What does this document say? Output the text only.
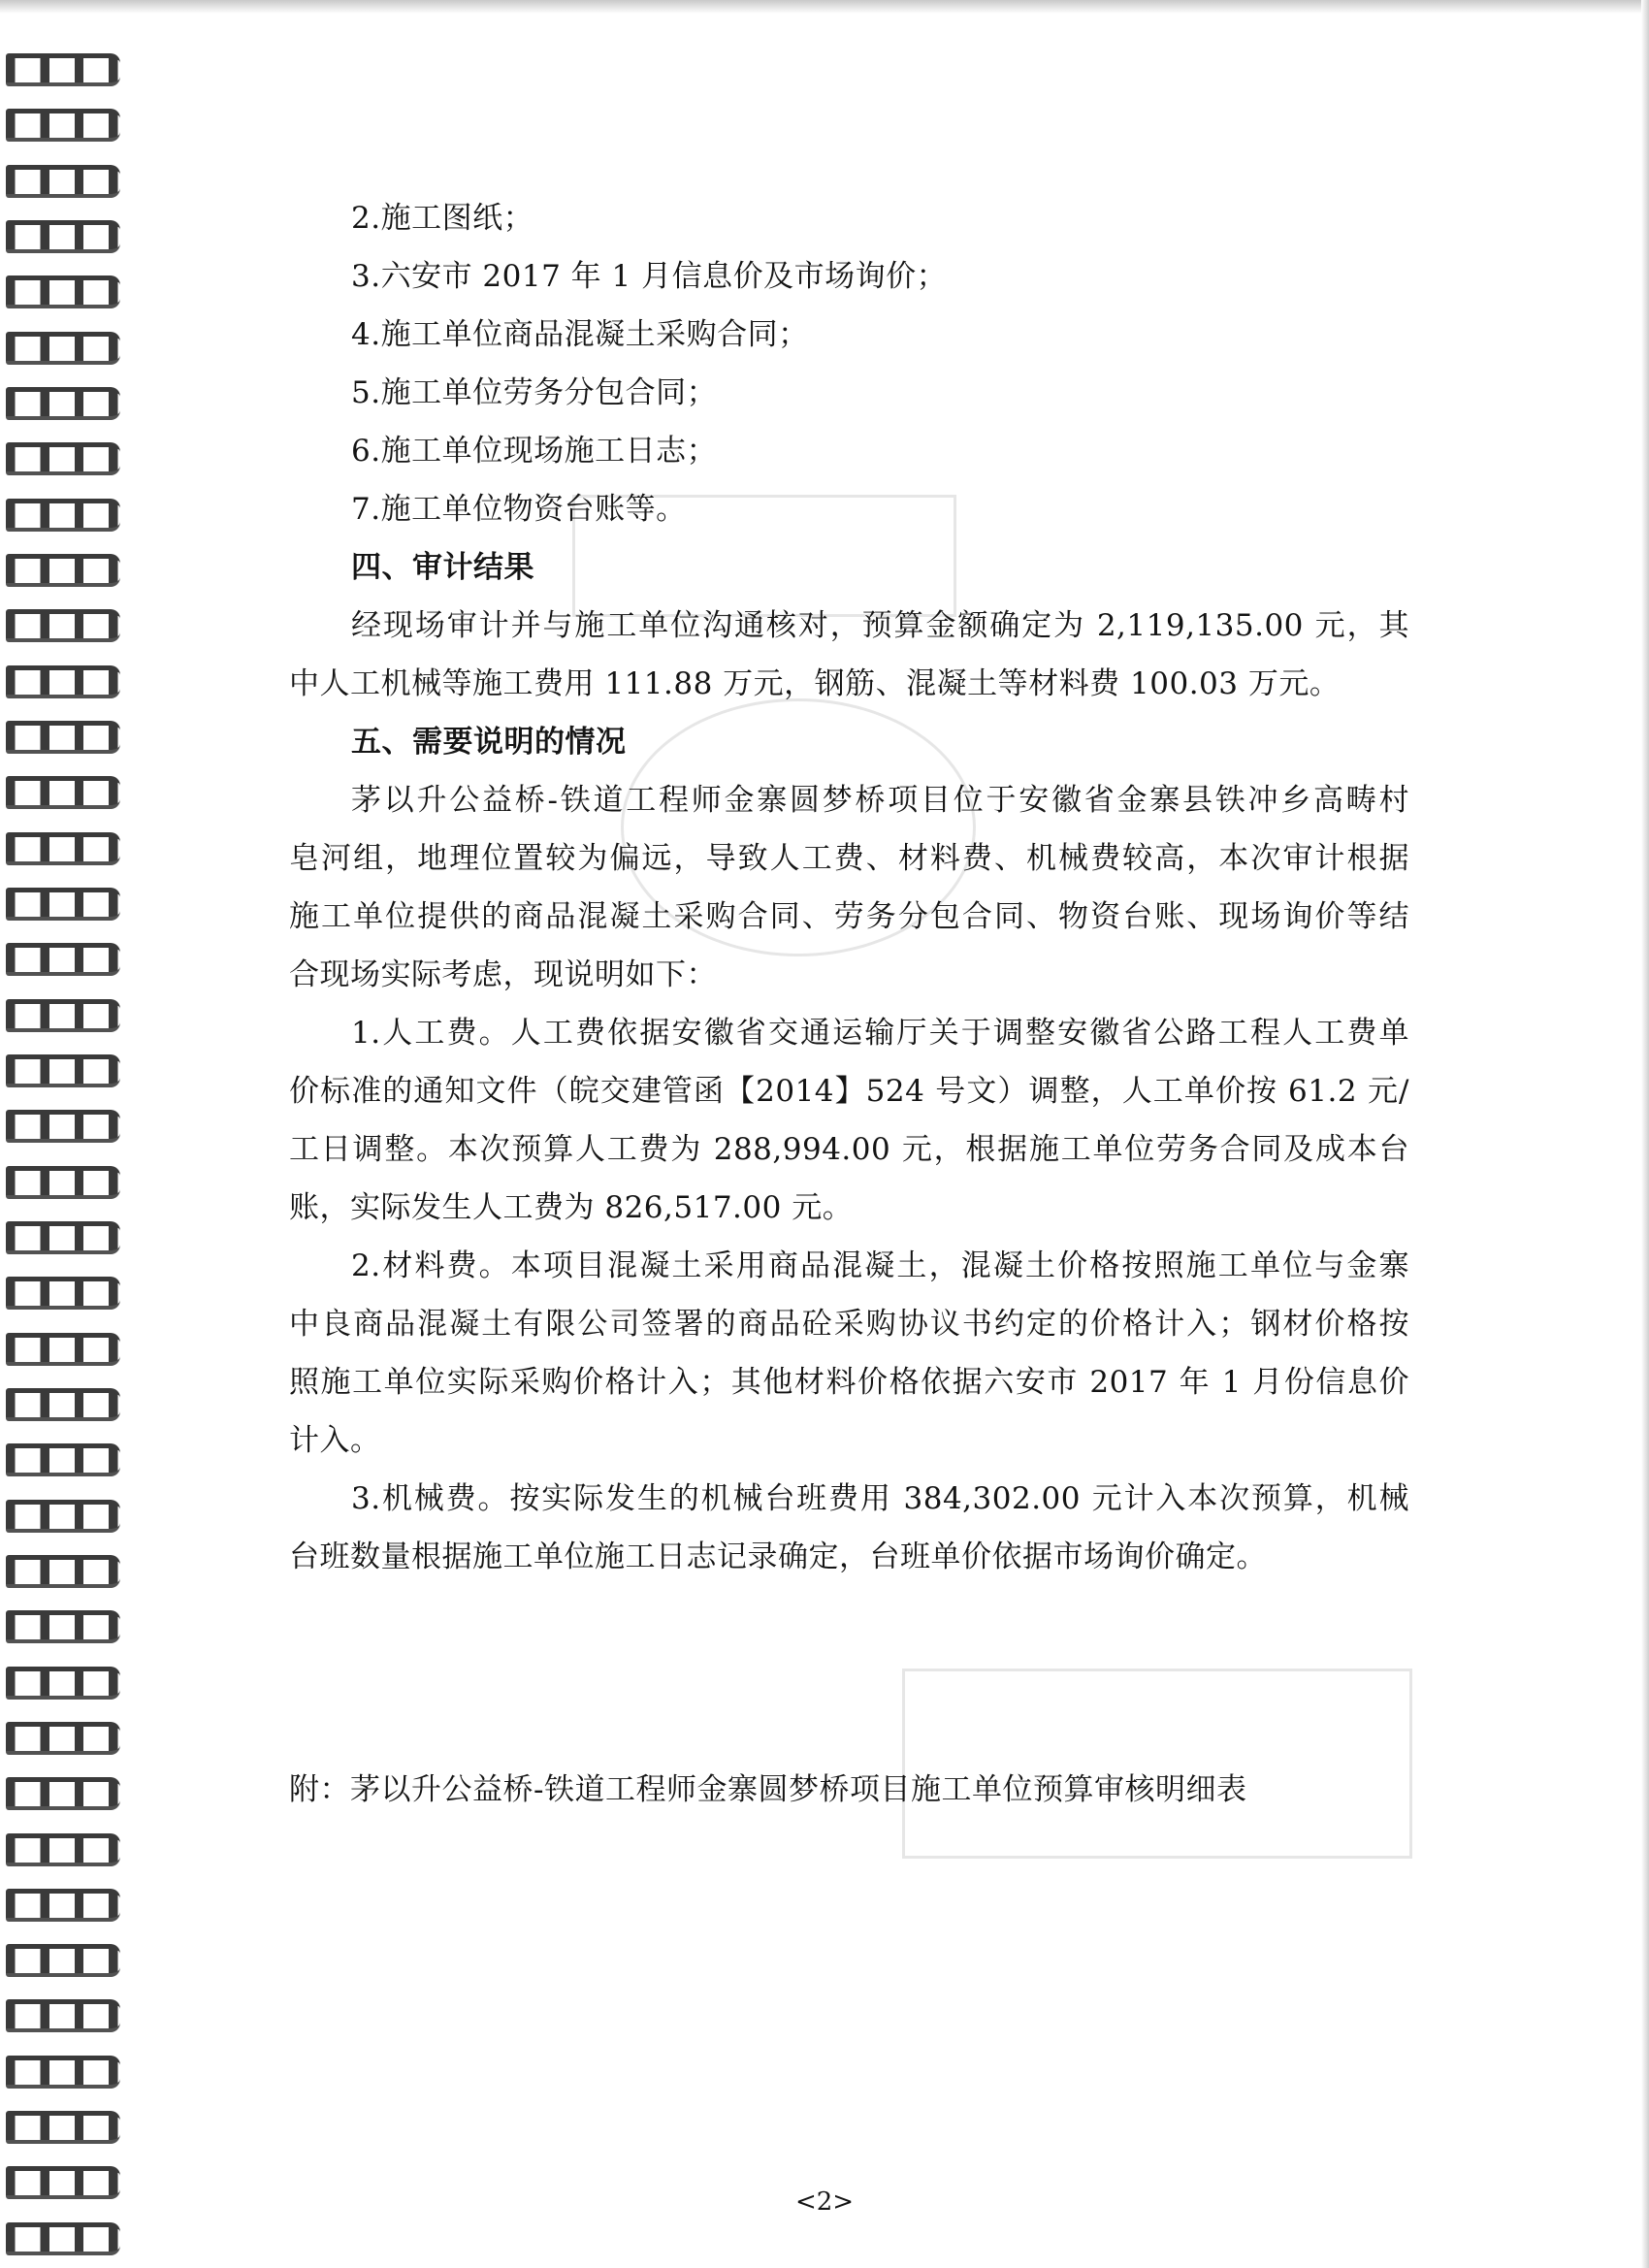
2.施工图纸；
3.六安市 2017 年 1 月信息价及市场询价；
4.施工单位商品混凝土采购合同；
5.施工单位劳务分包合同；
6.施工单位现场施工日志；
7.施工单位物资台账等。
四、审计结果
经现场审计并与施工单位沟通核对，预算金额确定为 2,119,135.00 元，其
中人工机械等施工费用 111.88 万元，钢筋、混凝土等材料费 100.03 万元。
五、需要说明的情况
茅以升公益桥-铁道工程师金寨圆梦桥项目位于安徽省金寨县铁冲乡高畴村
皂河组，地理位置较为偏远，导致人工费、材料费、机械费较高，本次审计根据
施工单位提供的商品混凝土采购合同、劳务分包合同、物资台账、现场询价等结
合现场实际考虑，现说明如下：
1.人工费。人工费依据安徽省交通运输厅关于调整安徽省公路工程人工费单
价标准的通知文件（皖交建管函【2014】524 号文）调整，人工单价按 61.2 元/
工日调整。本次预算人工费为 288,994.00 元，根据施工单位劳务合同及成本台
账，实际发生人工费为 826,517.00 元。
2.材料费。本项目混凝土采用商品混凝土，混凝土价格按照施工单位与金寨
中良商品混凝土有限公司签署的商品砼采购协议书约定的价格计入；钢材价格按
照施工单位实际采购价格计入；其他材料价格依据六安市 2017 年 1 月份信息价
计入。
3.机械费。按实际发生的机械台班费用 384,302.00 元计入本次预算，机械
台班数量根据施工单位施工日志记录确定，台班单价依据市场询价确定。
附：茅以升公益桥-铁道工程师金寨圆梦桥项目施工单位预算审核明细表
<2>
